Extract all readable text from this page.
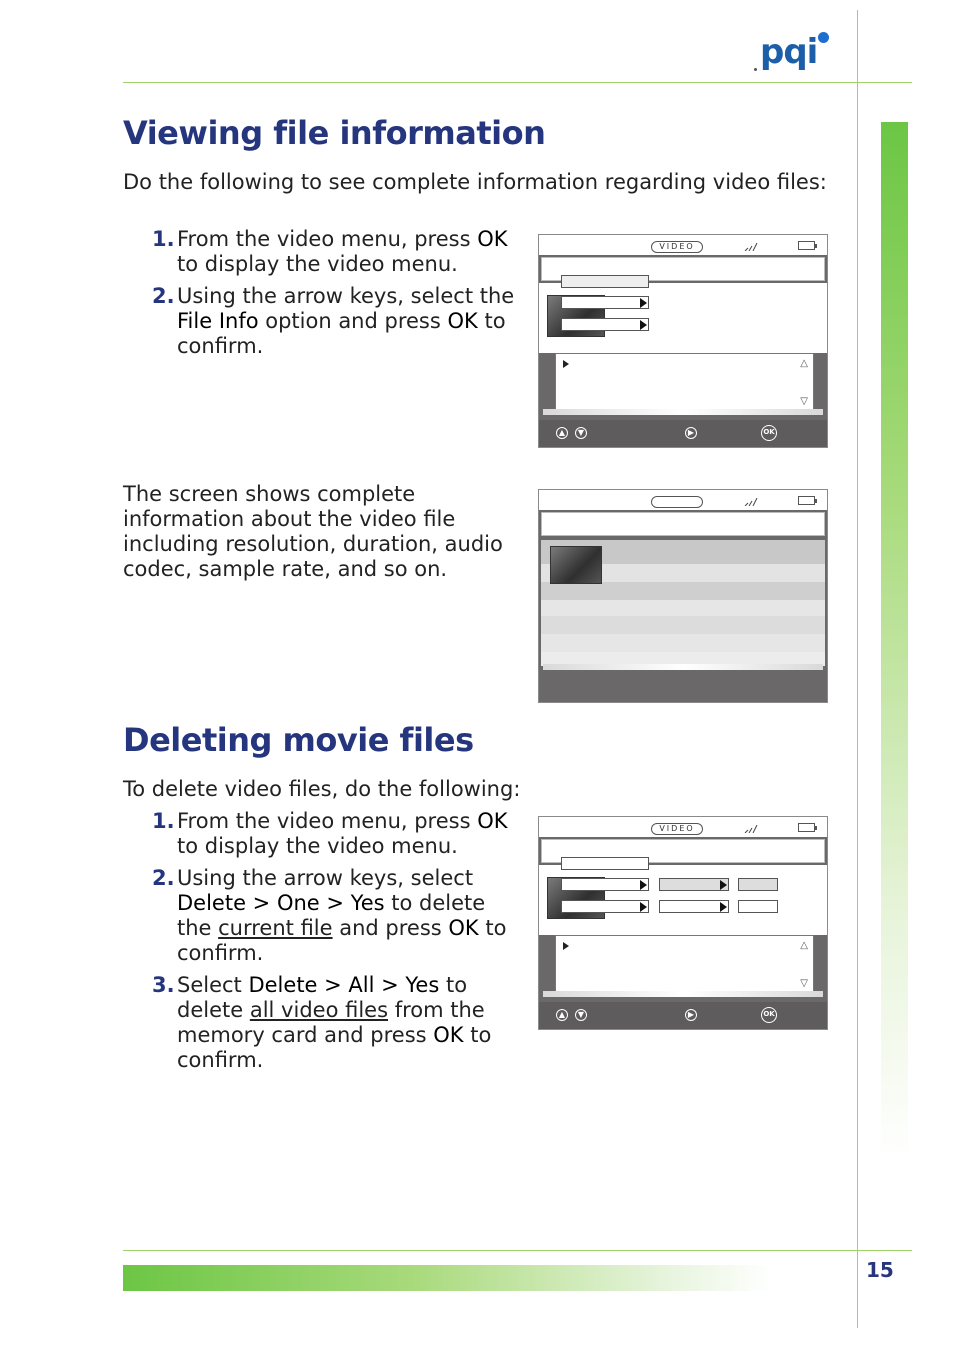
pqi
Viewing file information

Do the following to see complete information regarding video files:

1. From the video menu, press OK to display the video menu.
2. Using the arrow keys, select the File Info option and press OK to confirm.
VIDEO
△
▽
▲	▼	▶	OK

The screen shows complete information about the video file including resolution, duration, audio codec, sample rate, and so on.

Deleting movie files

To delete video files, do the following:

1. From the video menu, press OK to display the video menu.
2. Using the arrow keys, select Delete > One > Yes to delete the current file and press OK to confirm.
3. Select Delete > All > Yes to delete all video files from the memory card and press OK to confirm.
VIDEO
△
▽
▲	▼	▶	OK
15
